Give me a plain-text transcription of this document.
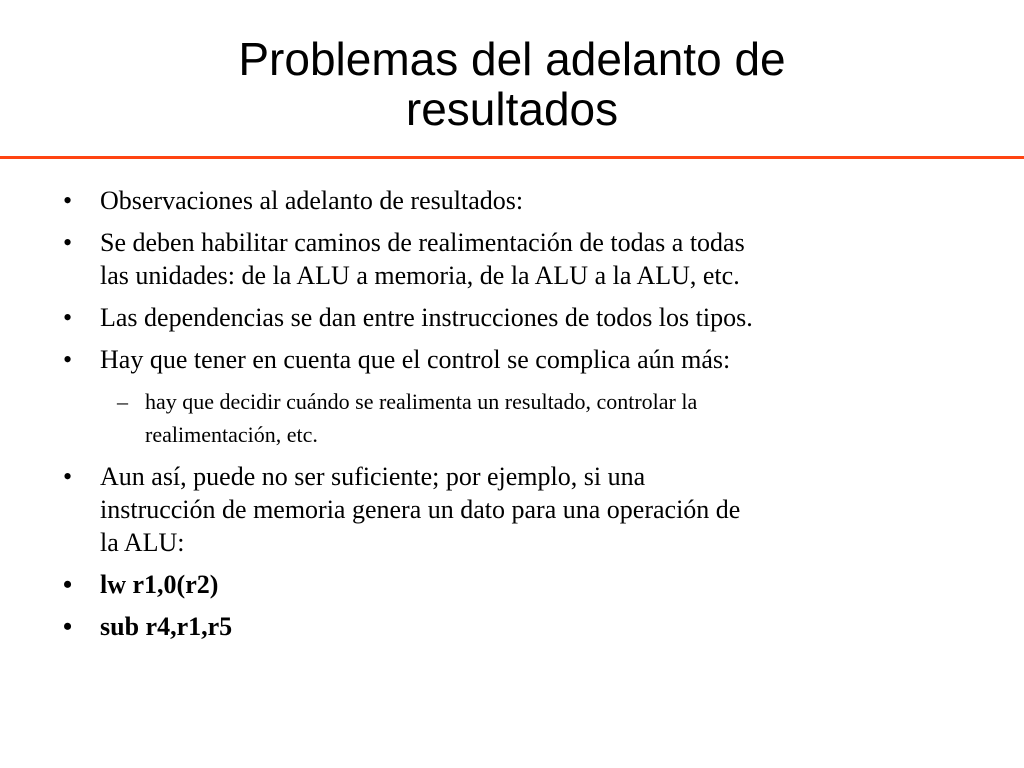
Problemas del adelanto de
resultados
• Observaciones al adelanto de resultados:
• Se deben habilitar caminos de realimentación de todas a todas
las unidades: de la ALU a memoria, de la ALU a la ALU, etc.
• Las dependencias se dan entre instrucciones de todos los tipos.
• Hay que tener en cuenta que el control se complica aún más:
– hay que decidir cuándo se realimenta un resultado, controlar la
realimentación, etc.
• Aun así, puede no ser suficiente; por ejemplo, si una
instrucción de memoria genera un dato para una operación de
la ALU:
• lw r1,0(r2)
• sub r4,r1,r5
